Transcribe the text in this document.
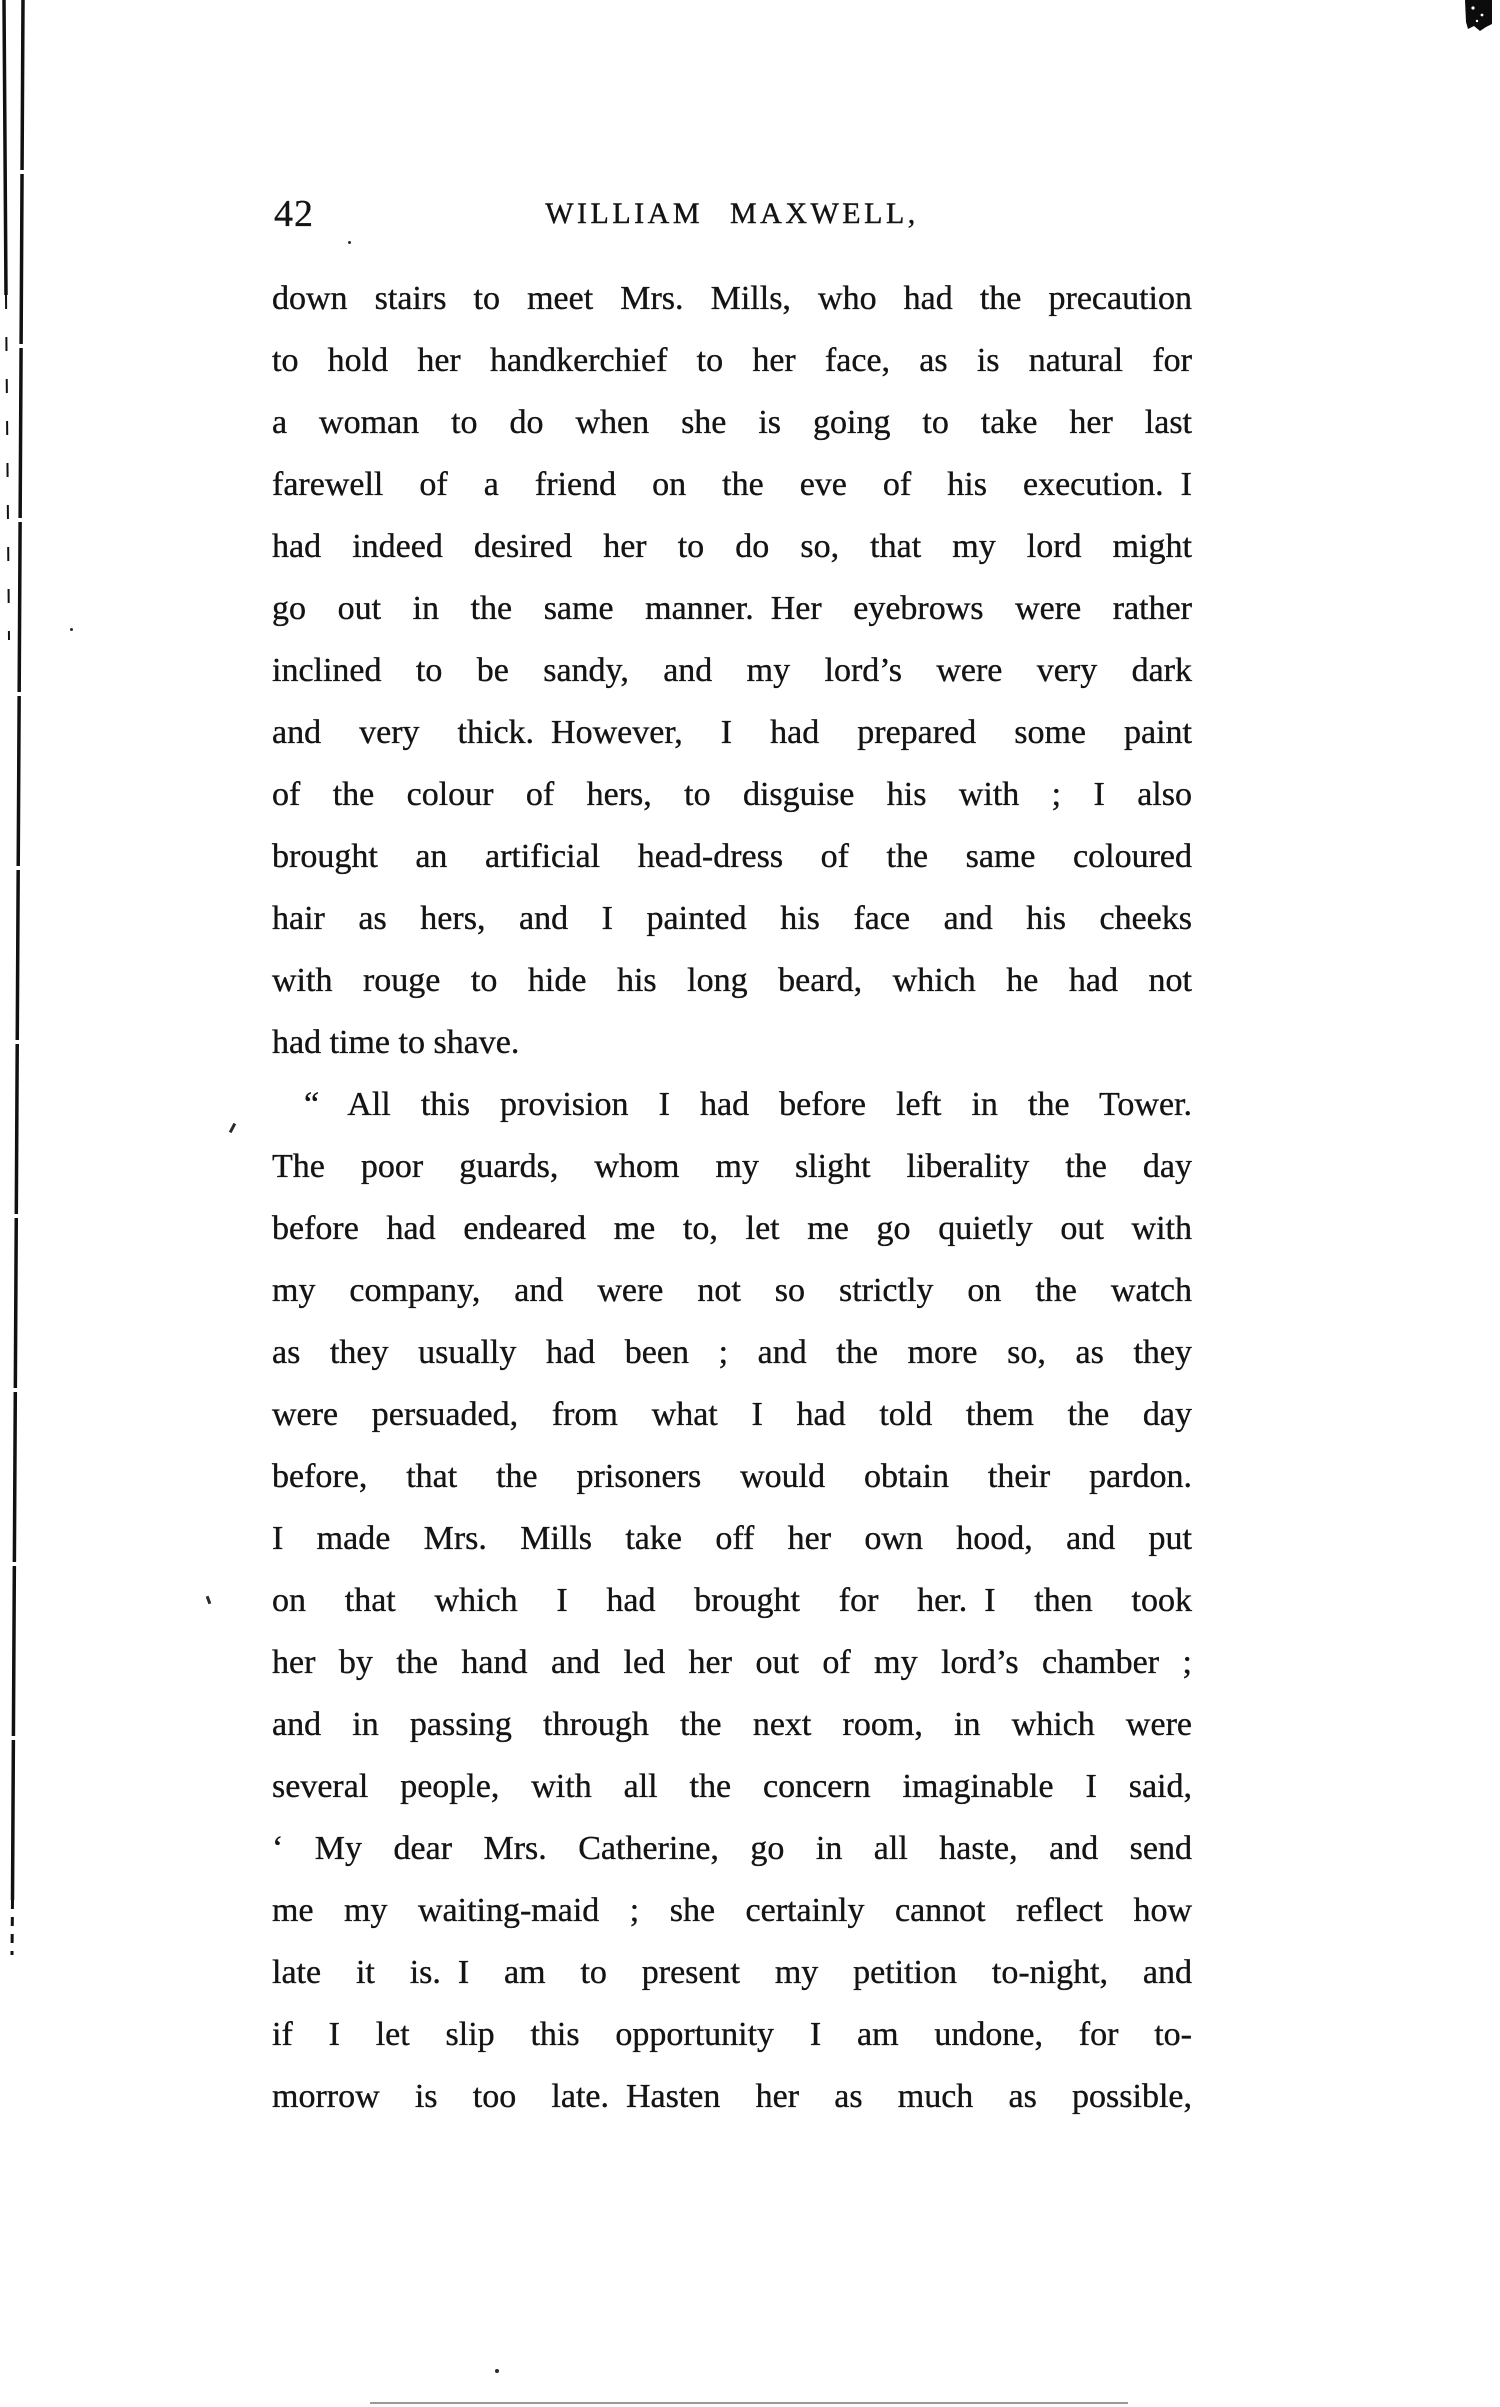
42	WILLIAM MAXWELL,
down stairs to meet Mrs. Mills, who had the precaution
to hold her handkerchief to her face, as is natural for
a woman to do when she is going to take her last
farewell of a friend on the eve of his execution. I
had indeed desired her to do so, that my lord might
go out in the same manner. Her eyebrows were rather
inclined to be sandy, and my lord’s were very dark
and very thick. However, I had prepared some paint
of the colour of hers, to disguise his with ; I also
brought an artificial head-dress of the same coloured
hair as hers, and I painted his face and his cheeks
with rouge to hide his long beard, which he had not
had time to shave.
“ All this provision I had before left in the Tower.
The poor guards, whom my slight liberality the day
before had endeared me to, let me go quietly out with
my company, and were not so strictly on the watch
as they usually had been ; and the more so, as they
were persuaded, from what I had told them the day
before, that the prisoners would obtain their pardon.
I made Mrs. Mills take off her own hood, and put
on that which I had brought for her. I then took
her by the hand and led her out of my lord’s chamber ;
and in passing through the next room, in which were
several people, with all the concern imaginable I said,
‘ My dear Mrs. Catherine, go in all haste, and send
me my waiting-maid ; she certainly cannot reflect how
late it is. I am to present my petition to-night, and
if I let slip this opportunity I am undone, for to-
morrow is too late. Hasten her as much as possible,
